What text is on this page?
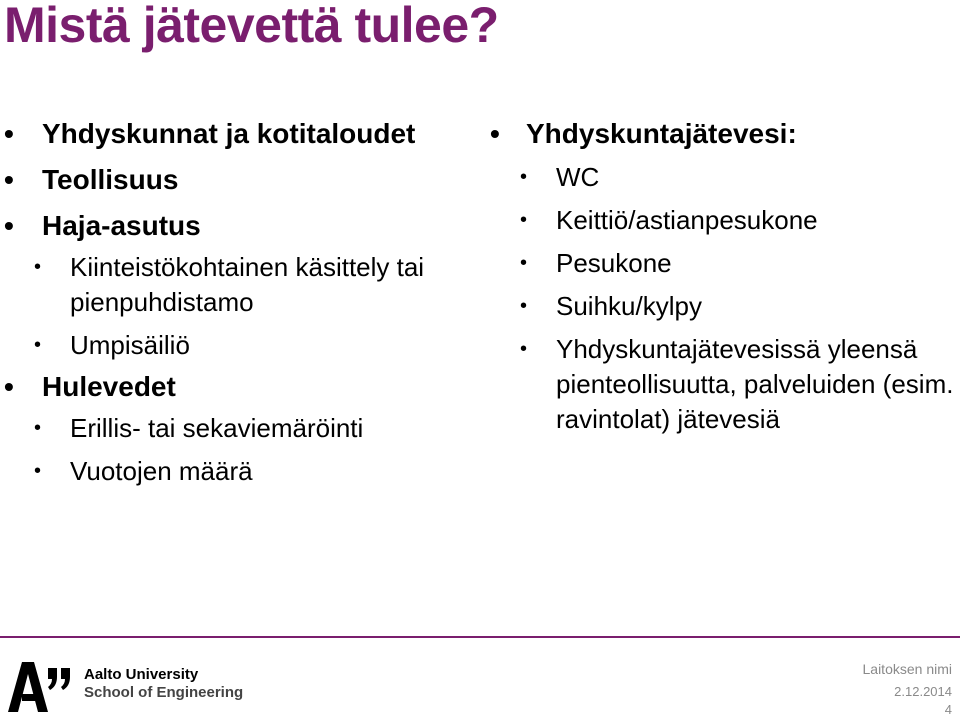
Mistä jätevettä tulee?
• Yhdyskunnat ja kotitaloudet
• Teollisuus
• Haja-asutus
• Kiinteistökohtainen käsittely tai pienpuhdistamo
• Umpisäiliö
• Hulevedet
• Erillis- tai sekaviemäröinti
• Vuotojen määrä
• Yhdyskuntajätevesi:
• WC
• Keittiö/astianpesukone
• Pesukone
• Suihku/kylpy
• Yhdyskuntajätevesissä yleensä pienteollisuutta, palveluiden (esim. ravintolat) jätevesiä
Aalto University
School of Engineering
Laitoksen nimi
2.12.2014
4
